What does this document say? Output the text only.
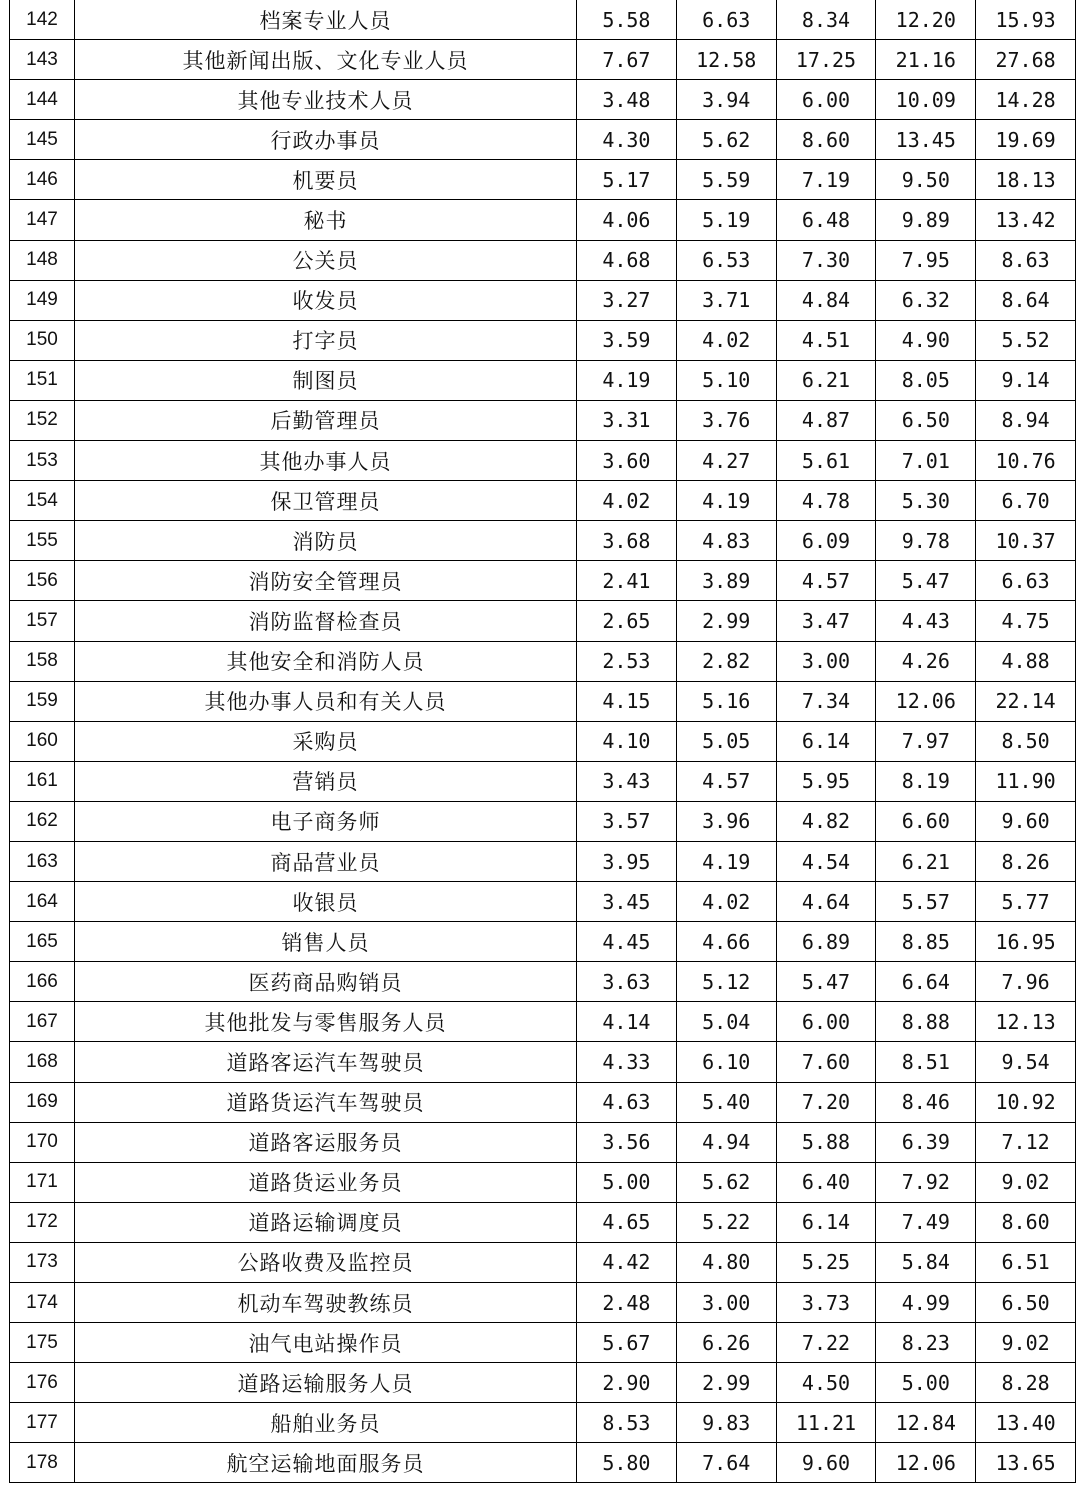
142	档案专业人员	5.58	6.63	8.34	12.20	15.93
143	其他新闻出版、文化专业人员	7.67	12.58	17.25	21.16	27.68
144	其他专业技术人员	3.48	3.94	6.00	10.09	14.28
145	行政办事员	4.30	5.62	8.60	13.45	19.69
146	机要员	5.17	5.59	7.19	9.50	18.13
147	秘书	4.06	5.19	6.48	9.89	13.42
148	公关员	4.68	6.53	7.30	7.95	8.63
149	收发员	3.27	3.71	4.84	6.32	8.64
150	打字员	3.59	4.02	4.51	4.90	5.52
151	制图员	4.19	5.10	6.21	8.05	9.14
152	后勤管理员	3.31	3.76	4.87	6.50	8.94
153	其他办事人员	3.60	4.27	5.61	7.01	10.76
154	保卫管理员	4.02	4.19	4.78	5.30	6.70
155	消防员	3.68	4.83	6.09	9.78	10.37
156	消防安全管理员	2.41	3.89	4.57	5.47	6.63
157	消防监督检查员	2.65	2.99	3.47	4.43	4.75
158	其他安全和消防人员	2.53	2.82	3.00	4.26	4.88
159	其他办事人员和有关人员	4.15	5.16	7.34	12.06	22.14
160	采购员	4.10	5.05	6.14	7.97	8.50
161	营销员	3.43	4.57	5.95	8.19	11.90
162	电子商务师	3.57	3.96	4.82	6.60	9.60
163	商品营业员	3.95	4.19	4.54	6.21	8.26
164	收银员	3.45	4.02	4.64	5.57	5.77
165	销售人员	4.45	4.66	6.89	8.85	16.95
166	医药商品购销员	3.63	5.12	5.47	6.64	7.96
167	其他批发与零售服务人员	4.14	5.04	6.00	8.88	12.13
168	道路客运汽车驾驶员	4.33	6.10	7.60	8.51	9.54
169	道路货运汽车驾驶员	4.63	5.40	7.20	8.46	10.92
170	道路客运服务员	3.56	4.94	5.88	6.39	7.12
171	道路货运业务员	5.00	5.62	6.40	7.92	9.02
172	道路运输调度员	4.65	5.22	6.14	7.49	8.60
173	公路收费及监控员	4.42	4.80	5.25	5.84	6.51
174	机动车驾驶教练员	2.48	3.00	3.73	4.99	6.50
175	油气电站操作员	5.67	6.26	7.22	8.23	9.02
176	道路运输服务人员	2.90	2.99	4.50	5.00	8.28
177	船舶业务员	8.53	9.83	11.21	12.84	13.40
178	航空运输地面服务员	5.80	7.64	9.60	12.06	13.65
